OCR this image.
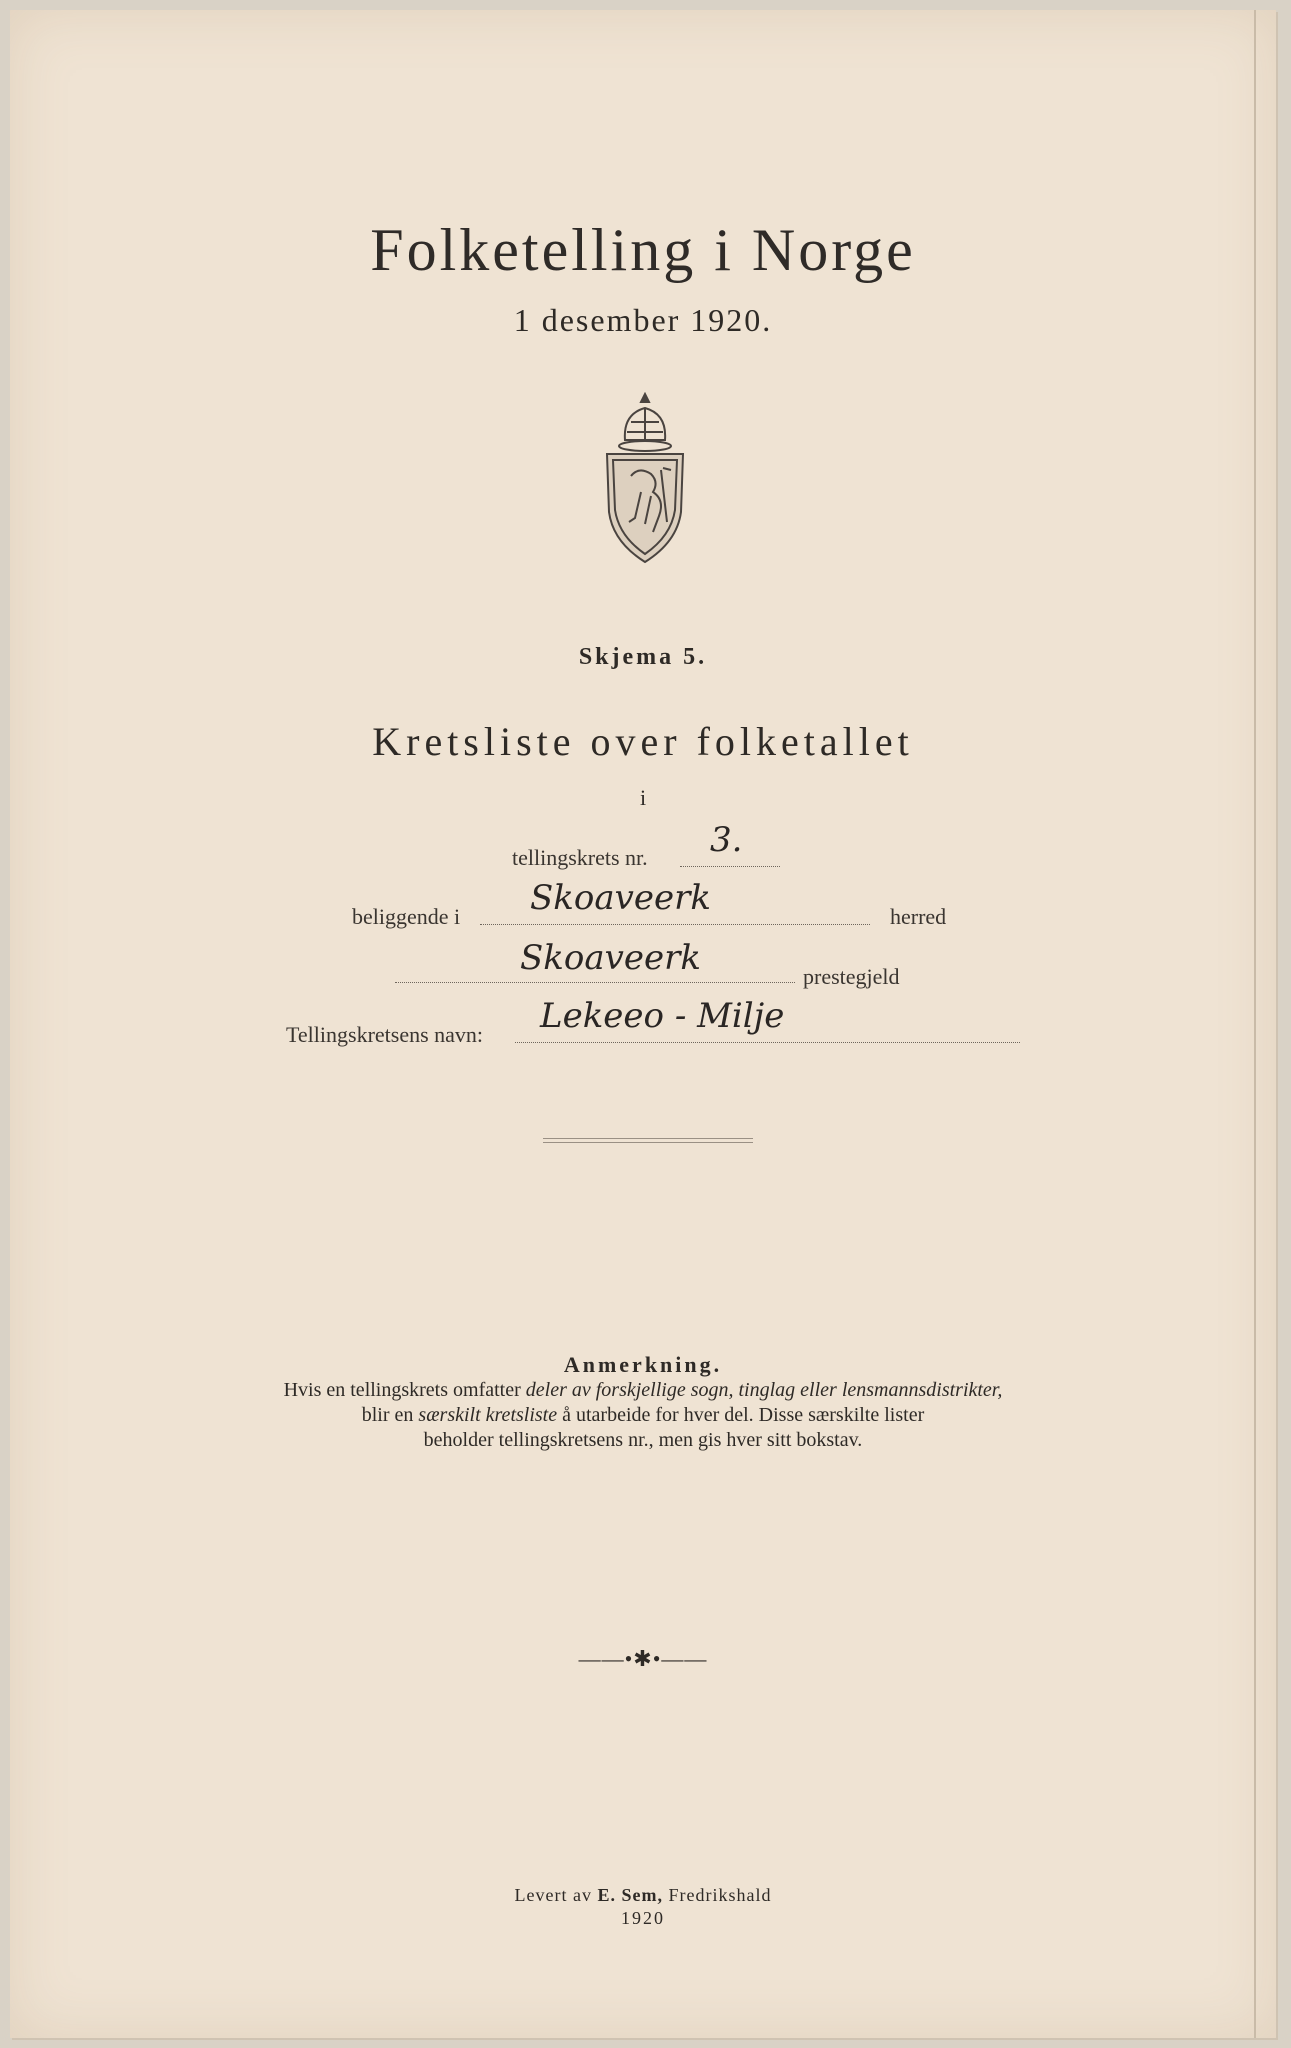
Folketelling i Norge
1 desember 1920.
Skjema 5.
Kretsliste over folketallet
i
tellingskrets nr. 3.
beliggende i Skoaveerk	herred
Skoaveerk	prestegjeld
Tellingskretsens navn: Lekeeo - Milje
Anmerkning.
Hvis en tellingskrets omfatter deler av forskjellige sogn, tinglag eller lensmannsdistrikter,
blir en særskilt kretsliste å utarbeide for hver del. Disse særskilte lister
beholder tellingskretsens nr., men gis hver sitt bokstav.
——•✱•——
Levert av E. Sem, Fredrikshald
1920
